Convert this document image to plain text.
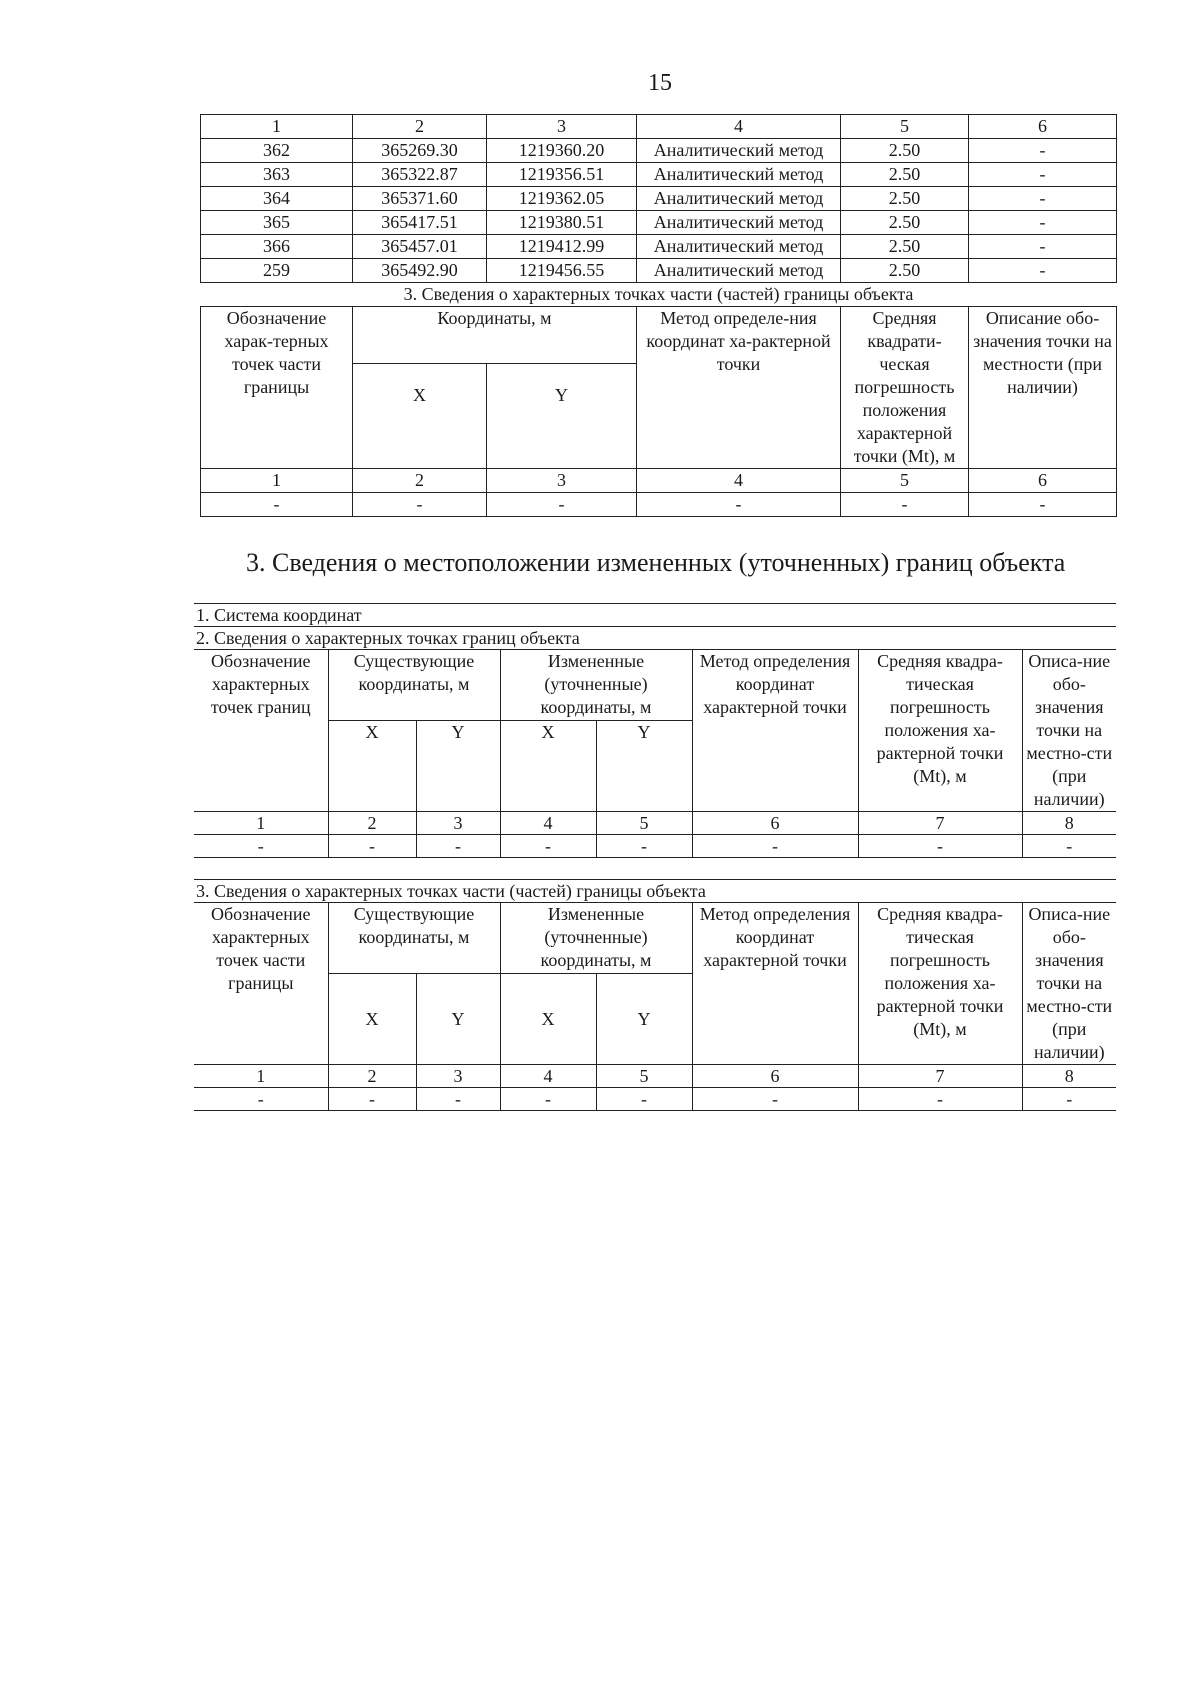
15
1	2	3	4	5	6
362	365269.30	1219360.20	Аналитический метод	2.50	-
363	365322.87	1219356.51	Аналитический метод	2.50	-
364	365371.60	1219362.05	Аналитический метод	2.50	-
365	365417.51	1219380.51	Аналитический метод	2.50	-
366	365457.01	1219412.99	Аналитический метод	2.50	-
259	365492.90	1219456.55	Аналитический метод	2.50	-
3. Сведения о характерных точках части (частей) границы объекта					
Обозначение харак-терных точек части границы	Координаты, м		Метод определе-ния координат ха-рактерной точки	Средняя квадрати-ческая погрешность положения характерной точки (Mt), м	Описание обо-значения точки на местности (при наличии)
	X	Y			
1	2	3	4	5	6
-	-	-	-	-	-
3. Сведения о местоположении измененных (уточненных) границ объекта
1. Система координат							
2. Сведения о характерных точках границ объекта							
Обозначение характерных точек границ	Существующие координаты, м		Измененные (уточненные) координаты, м		Метод определения координат характерной точки	Средняя квадра-тическая погрешность положения ха-рактерной точки (Mt), м	Описа-ние обо-значения точки на местно-сти (при наличии)
	X	Y	X	Y			
1	2	3	4	5	6	7	8
-	-	-	-	-	-	-	-
3. Сведения о характерных точках части (частей) границы объекта							
Обозначение характерных точек части границы	Существующие координаты, м		Измененные (уточненные) координаты, м		Метод определения координат характерной точки	Средняя квадра-тическая погрешность положения ха-рактерной точки (Mt), м	Описа-ние обо-значения точки на местно-сти (при наличии)
	X	Y	X	Y			
1	2	3	4	5	6	7	8
-	-	-	-	-	-	-	-
